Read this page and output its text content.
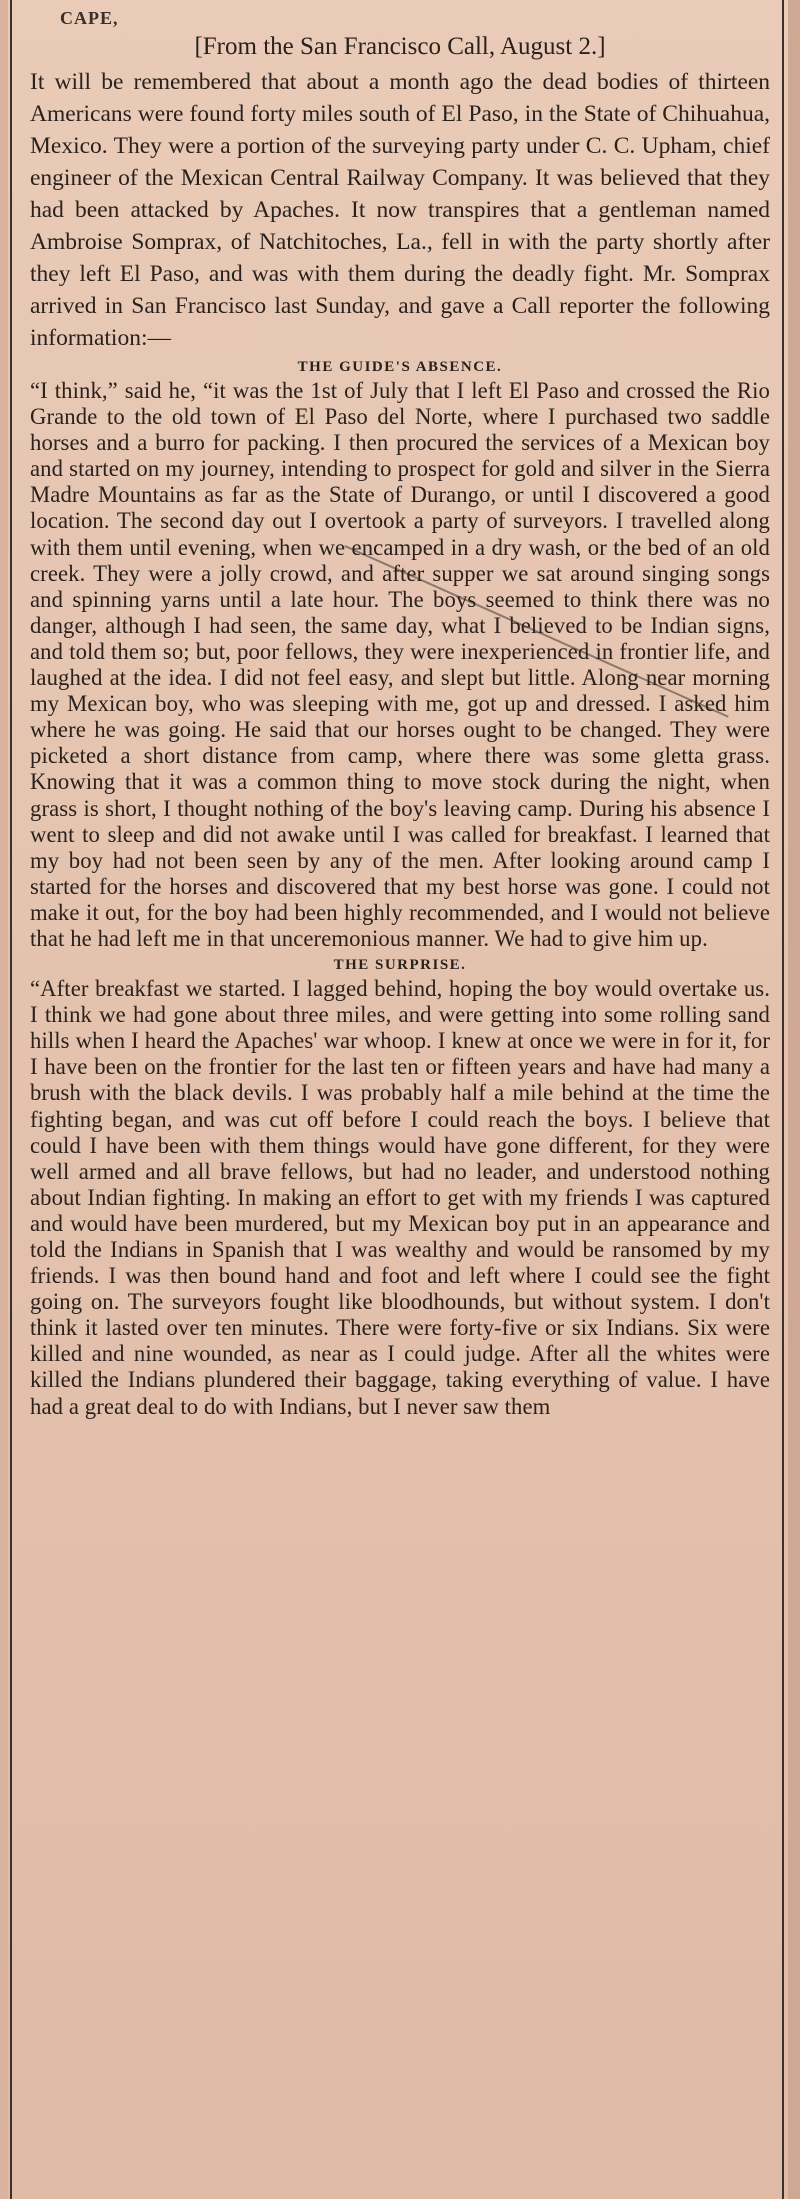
CAPE,

[From the San Francisco Call, August 2.]

It will be remembered that about a month ago the dead bodies of thirteen Americans were found forty miles south of El Paso, in the State of Chihuahua, Mexico. They were a portion of the surveying party under C. C. Upham, chief engineer of the Mexican Central Railway Company. It was believed that they had been attacked by Apaches. It now transpires that a gentleman named Ambroise Somprax, of Natchitoches, La., fell in with the party shortly after they left El Paso, and was with them during the deadly fight. Mr. Somprax arrived in San Francisco last Sunday, and gave a Call reporter the following information:—

THE GUIDE'S ABSENCE.

“I think,” said he, “it was the 1st of July that I left El Paso and crossed the Rio Grande to the old town of El Paso del Norte, where I purchased two saddle horses and a burro for packing. I then procured the services of a Mexican boy and started on my journey, intending to prospect for gold and silver in the Sierra Madre Mountains as far as the State of Durango, or until I discovered a good location. The second day out I overtook a party of surveyors. I travelled along with them until evening, when we encamped in a dry wash, or the bed of an old creek. They were a jolly crowd, and after supper we sat around singing songs and spinning yarns until a late hour. The boys seemed to think there was no danger, although I had seen, the same day, what I believed to be Indian signs, and told them so; but, poor fellows, they were inexperienced in frontier life, and laughed at the idea. I did not feel easy, and slept but little. Along near morning my Mexican boy, who was sleeping with me, got up and dressed. I asked him where he was going. He said that our horses ought to be changed. They were picketed a short distance from camp, where there was some gletta grass. Knowing that it was a common thing to move stock during the night, when grass is short, I thought nothing of the boy's leaving camp. During his absence I went to sleep and did not awake until I was called for breakfast. I learned that my boy had not been seen by any of the men. After looking around camp I started for the horses and discovered that my best horse was gone. I could not make it out, for the boy had been highly recommended, and I would not believe that he had left me in that unceremonious manner. We had to give him up.

THE SURPRISE.

“After breakfast we started. I lagged behind, hoping the boy would overtake us. I think we had gone about three miles, and were getting into some rolling sand hills when I heard the Apaches' war whoop. I knew at once we were in for it, for I have been on the frontier for the last ten or fifteen years and have had many a brush with the black devils. I was probably half a mile behind at the time the fighting began, and was cut off before I could reach the boys. I believe that could I have been with them things would have gone different, for they were well armed and all brave fellows, but had no leader, and understood nothing about Indian fighting. In making an effort to get with my friends I was captured and would have been murdered, but my Mexican boy put in an appearance and told the Indians in Spanish that I was wealthy and would be ransomed by my friends. I was then bound hand and foot and left where I could see the fight going on. The surveyors fought like bloodhounds, but without system. I don't think it lasted over ten minutes. There were forty-five or six Indians. Six were killed and nine wounded, as near as I could judge. After all the whites were killed the Indians plundered their baggage, taking everything of value. I have had a great deal to do with Indians, but I never saw them
